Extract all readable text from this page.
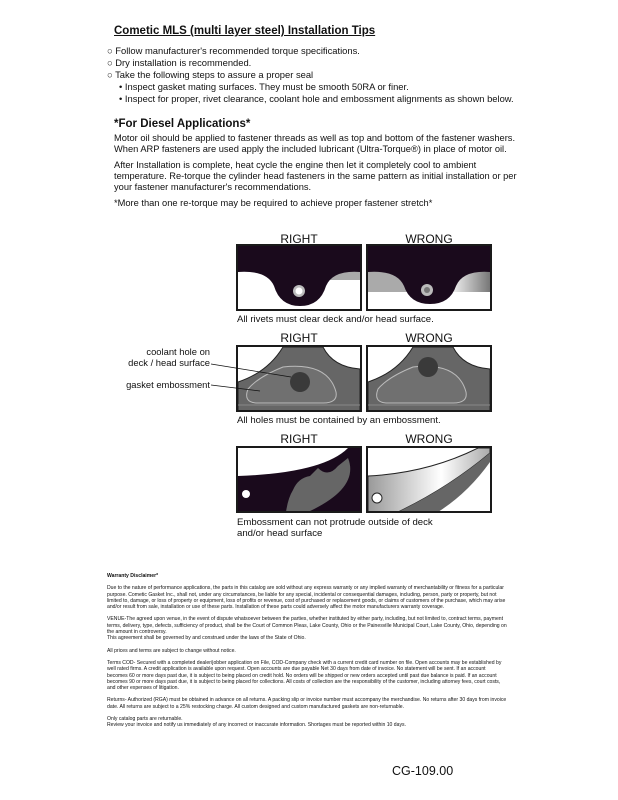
Cometic MLS (multi layer steel) Installation Tips
○ Follow manufacturer's recommended torque specifications.
○ Dry installation is recommended.
○ Take the following steps to assure a proper seal
• Inspect gasket mating surfaces. They must be smooth 50RA or finer.
• Inspect for proper, rivet clearance, coolant hole and embossment alignments as shown below.
*For Diesel Applications*

Motor oil should be applied to fastener threads as well as top and bottom of the fastener washers. When ARP fasteners are used apply the included lubricant (Ultra-Torque®) in place of motor oil.

After Installation is complete, heat cycle the engine then let it completely cool to ambient temperature. Re-torque the cylinder head fasteners in the same pattern as initial installation or per your fastener manufacturer's recommendations.

*More than one re-torque may be required to achieve proper fastener stretch*

RIGHT	WRONG
All rivets must clear deck and/or head surface.
RIGHT	WRONG
coolant hole on
deck / head surface
gasket embossment
All holes must be contained by an embossment.
RIGHT	WRONG
Embossment can not protrude outside of deck
and/or head surface

Warranty Disclaimer*

Due to the nature of performance applications, the parts in this catalog are sold without any express warranty or any implied warranty of merchantability or fitness for a particular purpose. Cometic Gasket Inc., shall not, under any circumstances, be liable for any special, incidental or consequential damages, including, person, party or property, but not limited to, damage, or loss of property or equipment, loss of profits or revenue, cost of purchased or replacement goods, or claims of customers of the purchase, which may arise and/or result from sale, installation or use of these parts. Installation of these parts could adversely affect the motor manufacturers warranty coverage.

VENUE-The agreed upon venue, in the event of dispute whatsoever between the parties, whether instituted by either party, including, but not limited to, contract terms, payment terms, delivery, type, defects, sufficiency of product, shall be the Court of Common Pleas, Lake County, Ohio or the Painesville Municipal Court, Lake County, Ohio, depending on the amount in controversy.
This agreement shall be governed by and construed under the laws of the State of Ohio.

All prices and terms are subject to change without notice.

Terms COD- Secured with a completed dealer/jobber application on File, COD-Company check with a current credit card number on file. Open accounts may be established by well rated firms. A credit application is available upon request. Open accounts are due payable Net 30 days from date of invoice. No statement will be sent. If an account becomes 60 or more days past due, it is subject to being placed on credit hold. No orders will be shipped or new orders accepted until past due balance is paid. If an account becomes 90 or more days past due, it is subject to being placed for collections. All costs of collection are the responsibility of the customer, including attorney fees, court costs, and other expenses of litigation.

Returns- Authorized (RGA) must be obtained in advance on all returns. A packing slip or invoice number must accompany the merchandise. No returns after 30 days from invoice date. All returns are subject to a 25% restocking charge. All custom designed and custom manufactured gaskets are non-returnable.

Only catalog parts are returnable.
Review your invoice and notify us immediately of any incorrect or inaccurate information. Shortages must be reported within 10 days.

CG-109.00
